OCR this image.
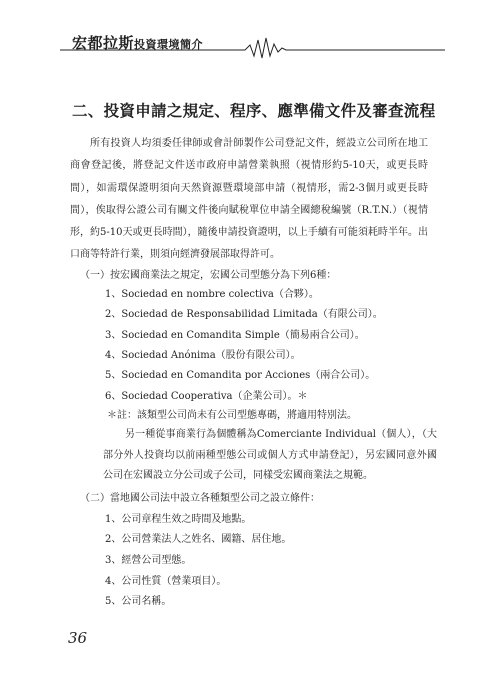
宏都拉斯投資環境簡介
二、投資申請之規定、程序、應準備文件及審查流程

所有投資人均須委任律師或會計師製作公司登記文件，經設立公司所在地工商會登記後，將登記文件送市政府申請營業執照（視情形約5-10天，或更長時間），如需環保證明須向天然資源暨環境部申請（視情形，需2-3個月或更長時間），俟取得公證公司有關文件後向賦稅單位申請全國總稅編號（R.T.N.）（視情形，約5-10天或更長時間），隨後申請投資證明，以上手續有可能須耗時半年。出口商等特許行業，則須向經濟發展部取得許可。

（一）按宏國商業法之規定，宏國公司型態分為下列6種：
1、Sociedad en nombre colectiva（合夥）。
2、Sociedad de Responsabilidad Limitada（有限公司）。
3、Sociedad en Comandita Simple（簡易兩合公司）。
4、Sociedad Anónima（股份有限公司）。
5、Sociedad en Comandita por Acciones（兩合公司）。
6、Sociedad Cooperativa（企業公司）。＊
＊註：該類型公司尚未有公司型態專碼，將適用特別法。

另一種從事商業行為個體稱為Comerciante Individual（個人），（大部分外人投資均以前兩種型態公司或個人方式申請登記），另宏國同意外國公司在宏國設立分公司或子公司，同樣受宏國商業法之規範。

（二）當地國公司法中設立各種類型公司之設立條件：
1、公司章程生效之時間及地點。
2、公司營業法人之姓名、國籍、居住地。
3、經營公司型態。
4、公司性質（營業項目）。
5、公司名稱。
36
